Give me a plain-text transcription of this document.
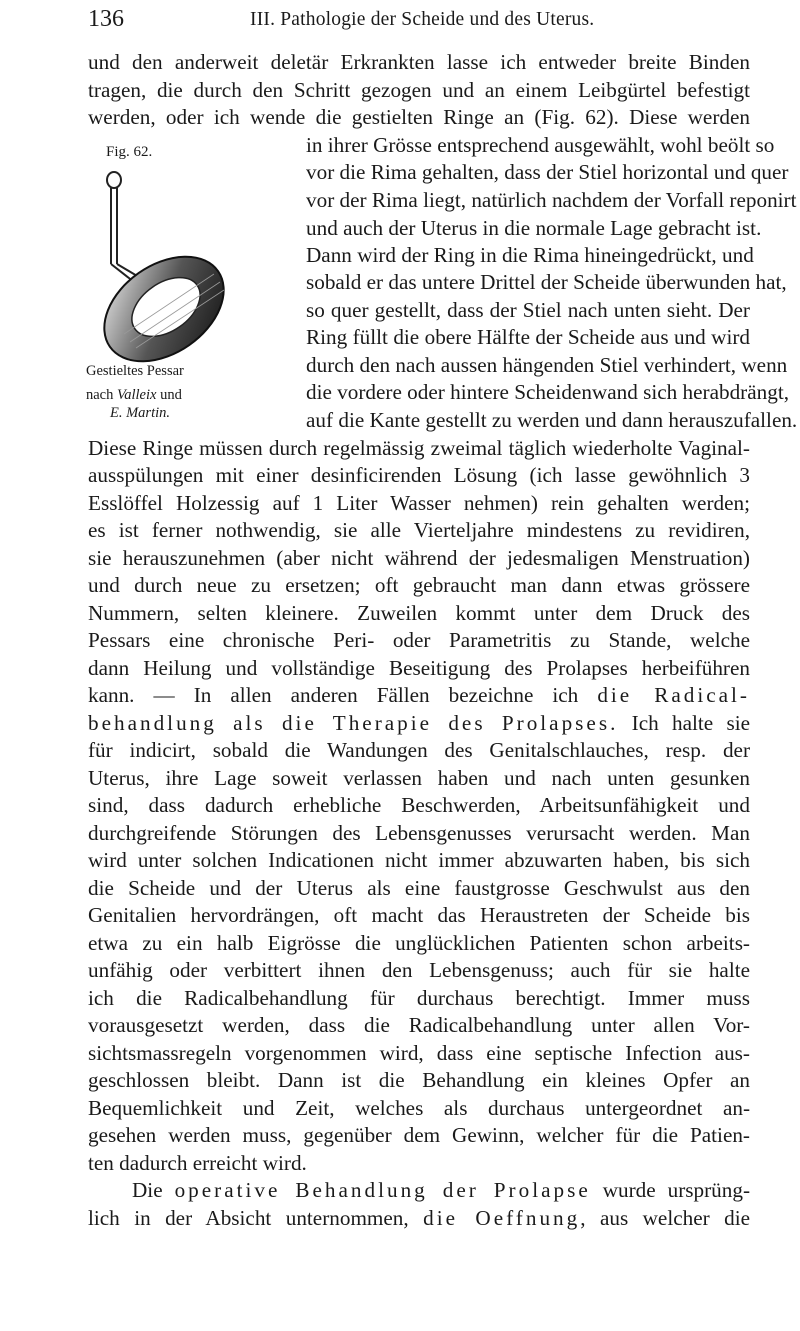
136	III. Pathologie der Scheide und des Uterus.
und den anderweit deletär Erkrankten lasse ich entweder breite Binden
tragen, die durch den Schritt gezogen und an einem Leibgürtel befestigt
werden, oder ich wende die gestielten Ringe an (Fig. 62). Diese werden
Fig. 62.
Gestieltes Pessar
nach Valleix und
E. Martin.
in ihrer Grösse entsprechend ausgewählt, wohl beölt so
vor die Rima gehalten, dass der Stiel horizontal und quer
vor der Rima liegt, natürlich nachdem der Vorfall reponirt
und auch der Uterus in die normale Lage gebracht ist.
Dann wird der Ring in die Rima hineingedrückt, und
sobald er das untere Drittel der Scheide überwunden hat,
so quer gestellt, dass der Stiel nach unten sieht. Der
Ring füllt die obere Hälfte der Scheide aus und wird
durch den nach aussen hängenden Stiel verhindert, wenn
die vordere oder hintere Scheidenwand sich herabdrängt,
auf die Kante gestellt zu werden und dann herauszufallen.
Diese Ringe müssen durch regelmässig zweimal täglich wiederholte Vaginal-
ausspülungen mit einer desinficirenden Lösung (ich lasse gewöhnlich 3
Esslöffel Holzessig auf 1 Liter Wasser nehmen) rein gehalten werden;
es ist ferner nothwendig, sie alle Vierteljahre mindestens zu revidiren,
sie herauszunehmen (aber nicht während der jedesmaligen Menstruation)
und durch neue zu ersetzen; oft gebraucht man dann etwas grössere
Nummern, selten kleinere. Zuweilen kommt unter dem Druck des
Pessars eine chronische Peri- oder Parametritis zu Stande, welche
dann Heilung und vollständige Beseitigung des Prolapses herbeiführen
kann. — In allen anderen Fällen bezeichne ich die Radical-
behandlung als die Therapie des Prolapses. Ich halte sie
für indicirt, sobald die Wandungen des Genitalschlauches, resp. der
Uterus, ihre Lage soweit verlassen haben und nach unten gesunken
sind, dass dadurch erhebliche Beschwerden, Arbeitsunfähigkeit und
durchgreifende Störungen des Lebensgenusses verursacht werden. Man
wird unter solchen Indicationen nicht immer abzuwarten haben, bis sich
die Scheide und der Uterus als eine faustgrosse Geschwulst aus den
Genitalien hervordrängen, oft macht das Heraustreten der Scheide bis
etwa zu ein halb Eigrösse die unglücklichen Patienten schon arbeits-
unfähig oder verbittert ihnen den Lebensgenuss; auch für sie halte
ich die Radicalbehandlung für durchaus berechtigt. Immer muss
vorausgesetzt werden, dass die Radicalbehandlung unter allen Vor-
sichtsmassregeln vorgenommen wird, dass eine septische Infection aus-
geschlossen bleibt. Dann ist die Behandlung ein kleines Opfer an
Bequemlichkeit und Zeit, welches als durchaus untergeordnet an-
gesehen werden muss, gegenüber dem Gewinn, welcher für die Patien-
ten dadurch erreicht wird.
Die operative Behandlung der Prolapse wurde ursprüng-
lich in der Absicht unternommen, die Oeffnung, aus welcher die
